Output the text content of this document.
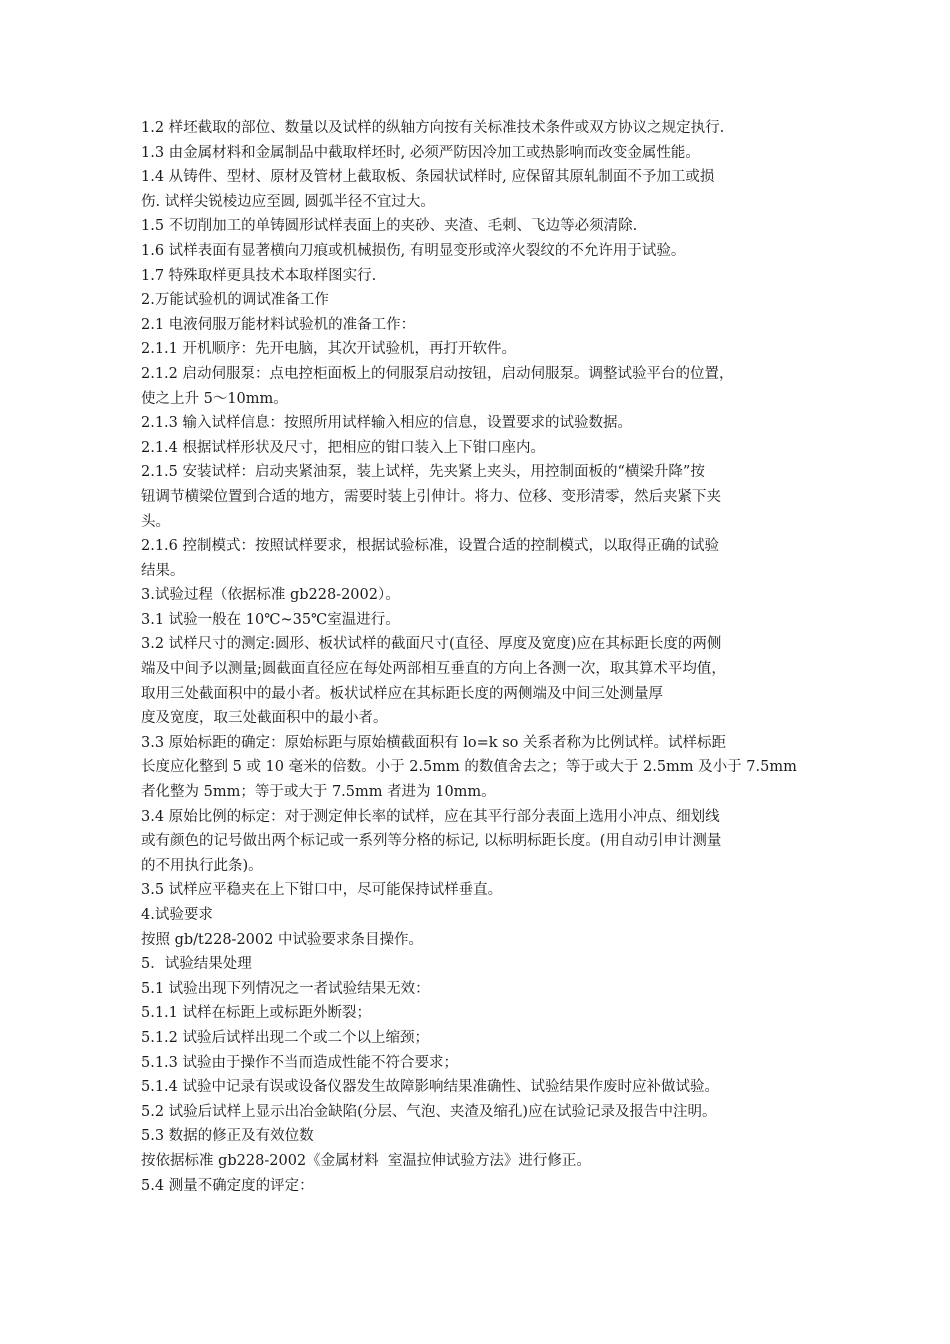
1.2 样坯截取的部位、数量以及试样的纵轴方向按有关标准技术条件或双方协议之规定执行.
1.3 由金属材料和金属制品中截取样坯时, 必须严防因冷加工或热影响而改变金属性能。
1.4 从铸件、型材、原材及管材上截取板、条园状试样时, 应保留其原轧制面不予加工或损
伤. 试样尖锐棱边应至圆, 圆弧半径不宜过大。
1.5 不切削加工的单铸圆形试样表面上的夹砂、夹渣、毛刺、飞边等必须清除.
1.6 试样表面有显著横向刀痕或机械损伤, 有明显变形或淬火裂纹的不允许用于试验。
1.7 特殊取样更具技术本取样图实行.
2.万能试验机的调试准备工作
2.1 电液伺服万能材料试验机的准备工作：
2.1.1 开机顺序：先开电脑，其次开试验机，再打开软件。
2.1.2 启动伺服泵：点电控柜面板上的伺服泵启动按钮，启动伺服泵。调整试验平台的位置，
使之上升 5～10mm。
2.1.3 输入试样信息：按照所用试样输入相应的信息，设置要求的试验数据。
2.1.4 根据试样形状及尺寸，把相应的钳口装入上下钳口座内。
2.1.5 安装试样：启动夹紧油泵，装上试样，先夹紧上夹头，用控制面板的“横梁升降”按
钮调节横梁位置到合适的地方，需要时装上引伸计。将力、位移、变形清零，然后夹紧下夹
头。
2.1.6 控制模式：按照试样要求，根据试验标准，设置合适的控制模式，以取得正确的试验
结果。
3.试验过程（依据标准 gb228-2002）。
3.1 试验一般在 10℃~35℃室温进行。
3.2 试样尺寸的测定:圆形、板状试样的截面尺寸(直径、厚度及宽度)应在其标距长度的两侧
端及中间予以测量;圆截面直径应在每处两部相互垂直的方向上各测一次，取其算术平均值，
取用三处截面积中的最小者。板状试样应在其标距长度的两侧端及中间三处测量厚
度及宽度，取三处截面积中的最小者。
3.3 原始标距的确定：原始标距与原始横截面积有 lo=k so 关系者称为比例试样。试样标距
长度应化整到 5 或 10 毫米的倍数。小于 2.5mm 的数值舍去之；等于或大于 2.5mm 及小于 7.5mm
者化整为 5mm；等于或大于 7.5mm 者进为 10mm。
3.4 原始比例的标定：对于测定伸长率的试样，应在其平行部分表面上选用小冲点、细划线
或有颜色的记号做出两个标记或一系列等分格的标记, 以标明标距长度。(用自动引申计测量
的不用执行此条)。
3.5 试样应平稳夹在上下钳口中，尽可能保持试样垂直。
4.试验要求
按照 gb/t228-2002 中试验要求条目操作。
5．试验结果处理
5.1 试验出现下列情况之一者试验结果无效：
5.1.1 试样在标距上或标距外断裂；
5.1.2 试验后试样出现二个或二个以上缩颈；
5.1.3 试验由于操作不当而造成性能不符合要求；
5.1.4 试验中记录有误或设备仪器发生故障影响结果准确性、试验结果作废时应补做试验。
5.2 试验后试样上显示出冶金缺陷(分层、气泡、夹渣及缩孔)应在试验记录及报告中注明。
5.3 数据的修正及有效位数
按依据标准 gb228-2002《金属材料  室温拉伸试验方法》进行修正。
5.4 测量不确定度的评定：
